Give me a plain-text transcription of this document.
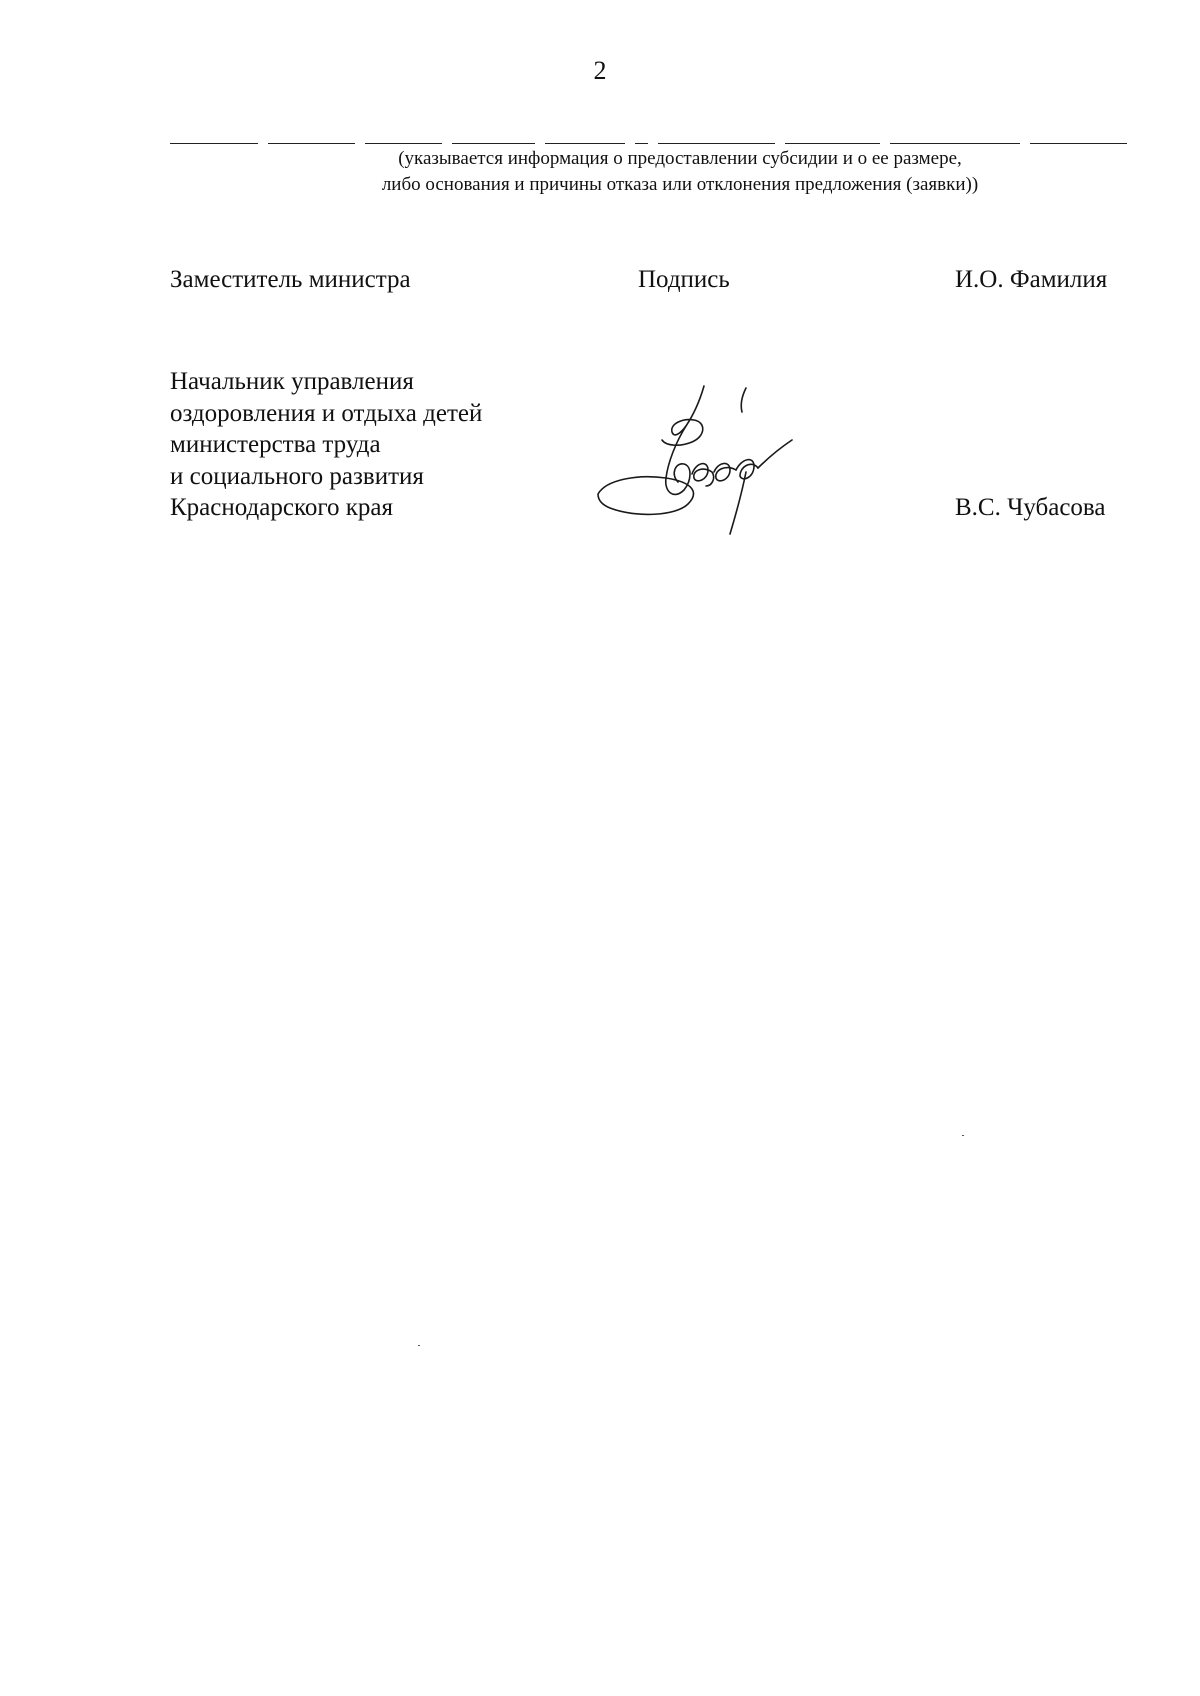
2
(указывается информация о предоставлении субсидии и о ее размере,
либо основания и причины отказа или отклонения предложения (заявки))
Заместитель министра	Подпись	И.О. Фамилия
Начальник управления
оздоровления и отдыха детей
министерства труда
и социального развития
Краснодарского края	В.С. Чубасова
